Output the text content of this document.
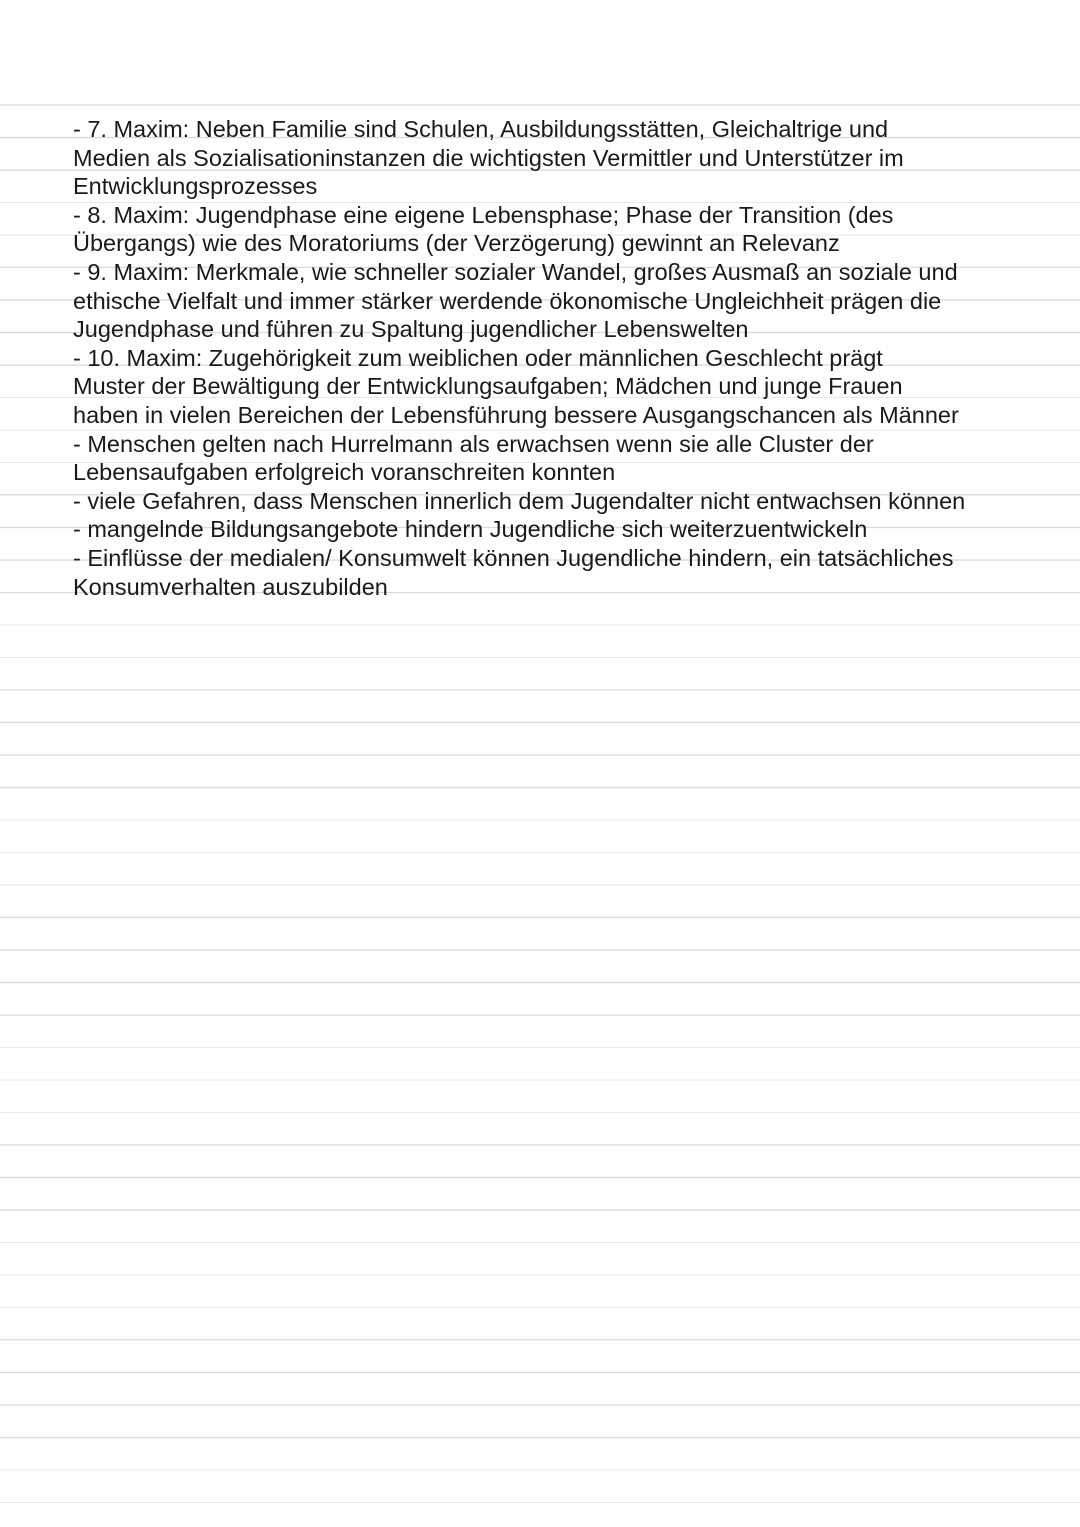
- 7. Maxim: Neben Familie sind Schulen, Ausbildungsstätten, Gleichaltrige und
Medien als Sozialisationinstanzen die wichtigsten Vermittler und Unterstützer im
Entwicklungsprozesses
- 8. Maxim: Jugendphase eine eigene Lebensphase; Phase der Transition (des
Übergangs) wie des Moratoriums (der Verzögerung) gewinnt an Relevanz
- 9. Maxim: Merkmale, wie schneller sozialer Wandel, großes Ausmaß an soziale und
ethische Vielfalt und immer stärker werdende ökonomische Ungleichheit prägen die
Jugendphase und führen zu Spaltung jugendlicher Lebenswelten
- 10. Maxim: Zugehörigkeit zum weiblichen oder männlichen Geschlecht prägt
Muster der Bewältigung der Entwicklungsaufgaben; Mädchen und junge Frauen
haben in vielen Bereichen der Lebensführung bessere Ausgangschancen als Männer
- Menschen gelten nach Hurrelmann als erwachsen wenn sie alle Cluster der
Lebensaufgaben erfolgreich voranschreiten konnten
- viele Gefahren, dass Menschen innerlich dem Jugendalter nicht entwachsen können
- mangelnde Bildungsangebote hindern Jugendliche sich weiterzuentwickeln
- Einflüsse der medialen/ Konsumwelt können Jugendliche hindern, ein tatsächliches
Konsumverhalten auszubilden
